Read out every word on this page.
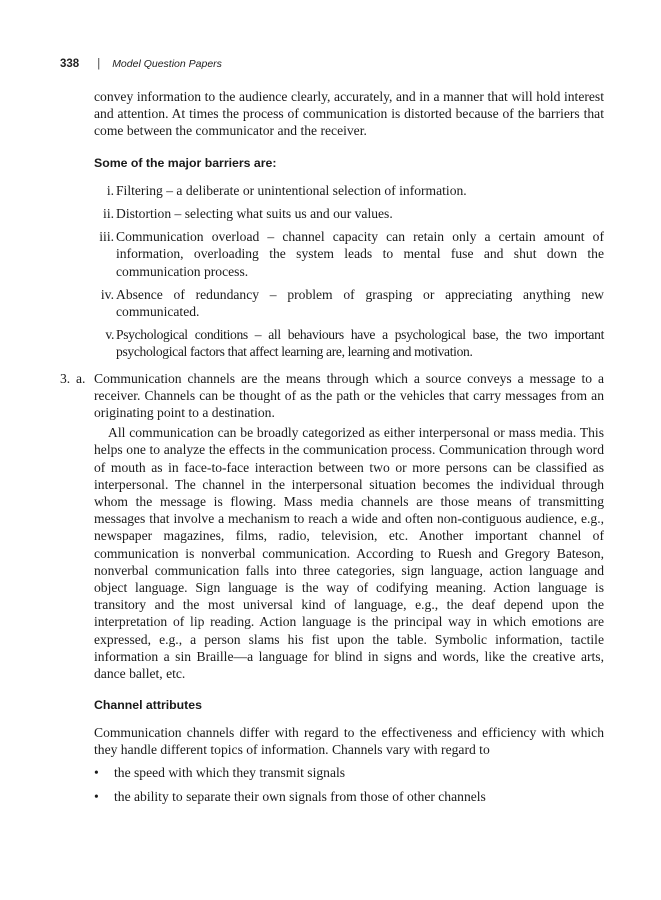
338 | Model Question Papers

convey information to the audience clearly, accurately, and in a manner that will hold interest and attention. At times the process of communication is distorted because of the barriers that come between the communicator and the receiver.

Some of the major barriers are:
i. Filtering – a deliberate or unintentional selection of information.
ii. Distortion – selecting what suits us and our values.
iii. Communication overload – channel capacity can retain only a certain amount of information, overloading the system leads to mental fuse and shut down the communication process.
iv. Absence of redundancy – problem of grasping or appreciating anything new communicated.
v. Psychological conditions – all behaviours have a psychological base, the two important psychological factors that affect learning are, learning and motivation.
3. a. Communication channels are the means through which a source conveys a message to a receiver. Channels can be thought of as the path or the vehicles that carry messages from an originating point to a destination.

All communication can be broadly categorized as either interpersonal or mass media. This helps one to analyze the effects in the communication process. Communication through word of mouth as in face-to-face interaction between two or more persons can be classified as interpersonal. The channel in the interpersonal situation becomes the individual through whom the message is flowing. Mass media channels are those means of transmitting messages that involve a mechanism to reach a wide and often non-contiguous audience, e.g., newspaper magazines, films, radio, television, etc. Another important channel of communication is nonverbal communication. According to Ruesh and Gregory Bateson, nonverbal communication falls into three categories, sign language, action language and object language. Sign language is the way of codifying meaning. Action language is transitory and the most universal kind of language, e.g., the deaf depend upon the interpretation of lip reading. Action language is the principal way in which emotions are expressed, e.g., a person slams his fist upon the table. Symbolic information, tactile information a sin Braille—a language for blind in signs and words, like the creative arts, dance ballet, etc.

Channel attributes

Communication channels differ with regard to the effectiveness and efficiency with which they handle different topics of information. Channels vary with regard to

• the speed with which they transmit signals
• the ability to separate their own signals from those of other channels
